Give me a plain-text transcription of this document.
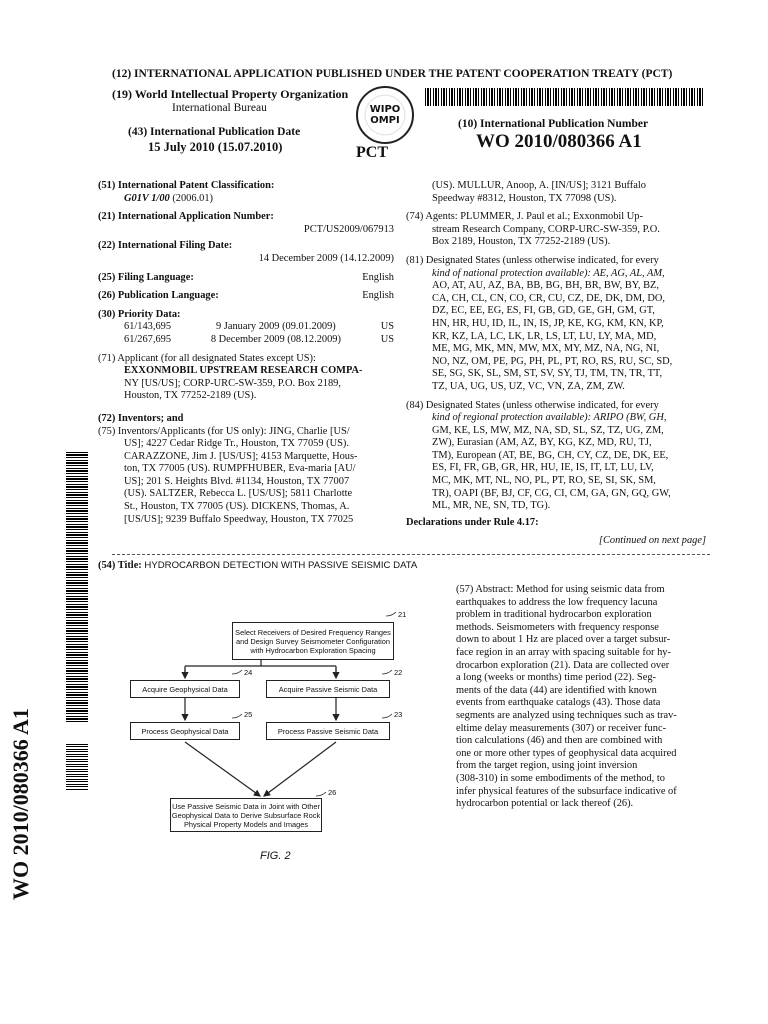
(12) INTERNATIONAL APPLICATION PUBLISHED UNDER THE PATENT COOPERATION TREATY (PCT)
(19) World Intellectual Property Organization
International Bureau	WIPO OMPI
(43) International Publication Date
15 July 2010 (15.07.2010)	PCT
(10) International Publication Number
WO 2010/080366 A1
(51) International Patent Classification:
G01V 1/00 (2006.01)
(21) International Application Number:
PCT/US2009/067913
(22) International Filing Date:
14 December 2009 (14.12.2009)
(25) Filing Language:	English
(26) Publication Language:	English
(30) Priority Data:
61/143,695	9 January 2009 (09.01.2009)	US
61/267,695	8 December 2009 (08.12.2009)	US
(71) Applicant (for all designated States except US):
EXXONMOBIL UPSTREAM RESEARCH COMPA-
NY [US/US]; CORP-URC-SW-359, P.O. Box 2189,
Houston, TX 77252-2189 (US).
(72) Inventors; and
(75) Inventors/Applicants (for US only): JING, Charlie [US/
US]; 4227 Cedar Ridge Tr., Houston, TX 77059 (US).
CARAZZONE, Jim J. [US/US]; 4153 Marquette, Hous-
ton, TX 77005 (US). RUMPFHUBER, Eva-maria [AU/
US]; 201 S. Heights Blvd. #1134, Houston, TX 77007
(US). SALTZER, Rebecca L. [US/US]; 5811 Charlotte
St., Houston, TX 77005 (US). DICKENS, Thomas, A.
[US/US]; 9239 Buffalo Speedway, Houston, TX 77025
(US). MULLUR, Anoop, A. [IN/US]; 3121 Buffalo
Speedway #8312, Houston, TX 77098 (US).
(74) Agents: PLUMMER, J. Paul et al.; Exxonmobil Up-
stream Research Company, CORP-URC-SW-359, P.O.
Box 2189, Houston, TX 77252-2189 (US).
(81) Designated States (unless otherwise indicated, for every
kind of national protection available): AE, AG, AL, AM,
AO, AT, AU, AZ, BA, BB, BG, BH, BR, BW, BY, BZ,
CA, CH, CL, CN, CO, CR, CU, CZ, DE, DK, DM, DO,
DZ, EC, EE, EG, ES, FI, GB, GD, GE, GH, GM, GT,
HN, HR, HU, ID, IL, IN, IS, JP, KE, KG, KM, KN, KP,
KR, KZ, LA, LC, LK, LR, LS, LT, LU, LY, MA, MD,
ME, MG, MK, MN, MW, MX, MY, MZ, NA, NG, NI,
NO, NZ, OM, PE, PG, PH, PL, PT, RO, RS, RU, SC, SD,
SE, SG, SK, SL, SM, ST, SV, SY, TJ, TM, TN, TR, TT,
TZ, UA, UG, US, UZ, VC, VN, ZA, ZM, ZW.
(84) Designated States (unless otherwise indicated, for every
kind of regional protection available): ARIPO (BW, GH,
GM, KE, LS, MW, MZ, NA, SD, SL, SZ, TZ, UG, ZM,
ZW), Eurasian (AM, AZ, BY, KG, KZ, MD, RU, TJ,
TM), European (AT, BE, BG, CH, CY, CZ, DE, DK, EE,
ES, FI, FR, GB, GR, HR, HU, IE, IS, IT, LT, LU, LV,
MC, MK, MT, NL, NO, PL, PT, RO, SE, SI, SK, SM,
TR), OAPI (BF, BJ, CF, CG, CI, CM, GA, GN, GQ, GW,
ML, MR, NE, SN, TD, TG).
Declarations under Rule 4.17:
[Continued on next page]
(54) Title: HYDROCARBON DETECTION WITH PASSIVE SEISMIC DATA
(57) Abstract: Method for using seismic data from
earthquakes to address the low frequency lacuna
problem in traditional hydrocarbon exploration
methods. Seismometers with frequency response
down to about 1 Hz are placed over a target subsur-
face region in an array with spacing suitable for hy-
drocarbon exploration (21). Data are collected over
a long (weeks or months) time period (22). Seg-
ments of the data (44) are identified with known
events from earthquake catalogs (43). Those data
segments are analyzed using techniques such as trav-
eltime delay measurements (307) or receiver func-
tion calculations (46) and then are combined with
one or more other types of geophysical data acquired
from the target region, using joint inversion
(308-310) in some embodiments of the method, to
infer physical features of the subsurface indicative of
hydrocarbon potential or lack thereof (26).
Select Receivers of Desired Frequency Ranges and Design Survey Seismometer Configuration with Hydrocarbon Exploration Spacing
21
Acquire Geophysical Data
24
Acquire Passive Seismic Data
22
Process Geophysical Data
25
Process Passive Seismic Data
23
Use Passive Seismic Data in Joint with Other Geophysical Data to Derive Subsurface Rock Physical Property Models and Images
26
FIG. 2
WO 2010/080366 A1
